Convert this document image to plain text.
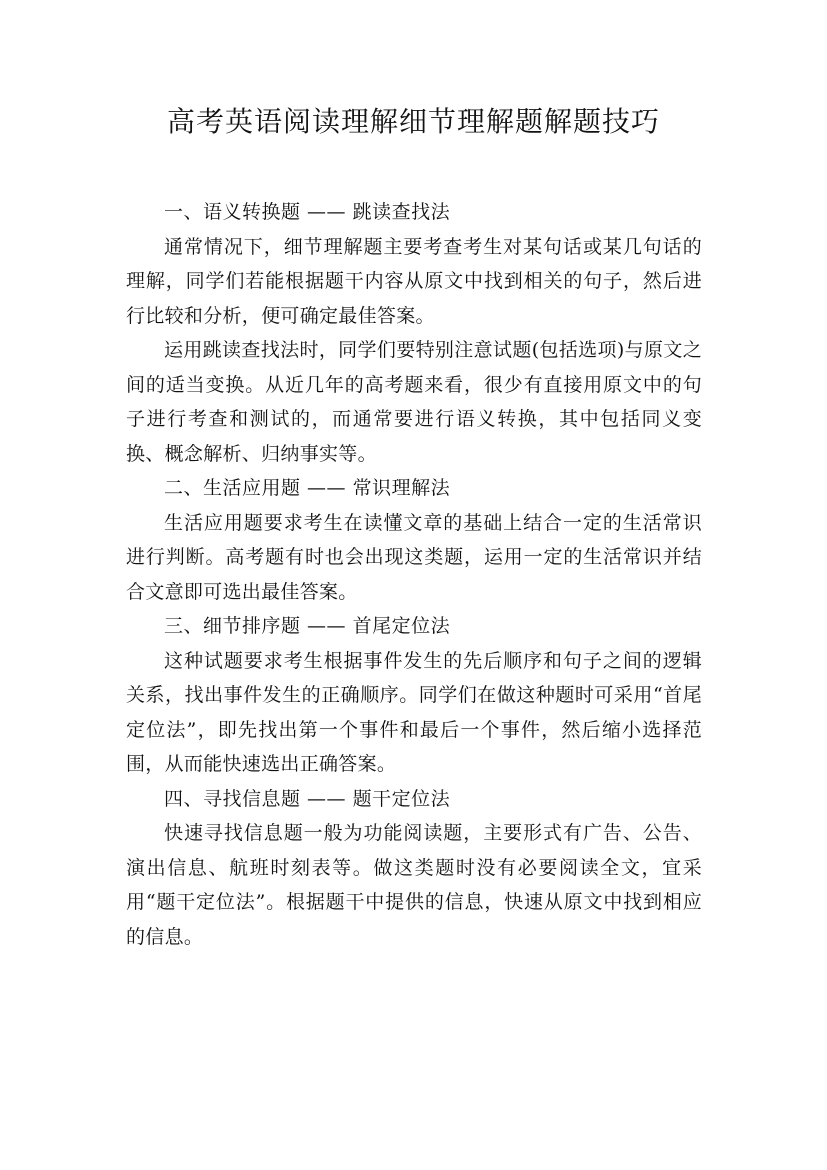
高考英语阅读理解细节理解题解题技巧

一、语义转换题 —— 跳读查找法

通常情况下，细节理解题主要考查考生对某句话或某几句话的理解，同学们若能根据题干内容从原文中找到相关的句子，然后进行比较和分析，便可确定最佳答案。

运用跳读查找法时，同学们要特别注意试题(包括选项)与原文之间的适当变换。从近几年的高考题来看，很少有直接用原文中的句子进行考查和测试的，而通常要进行语义转换，其中包括同义变换、概念解析、归纳事实等。

二、生活应用题 —— 常识理解法

生活应用题要求考生在读懂文章的基础上结合一定的生活常识进行判断。高考题有时也会出现这类题，运用一定的生活常识并结合文意即可选出最佳答案。

三、细节排序题 —— 首尾定位法

这种试题要求考生根据事件发生的先后顺序和句子之间的逻辑关系，找出事件发生的正确顺序。同学们在做这种题时可采用“首尾定位法”，即先找出第一个事件和最后一个事件，然后缩小选择范围，从而能快速选出正确答案。

四、寻找信息题 —— 题干定位法

快速寻找信息题一般为功能阅读题，主要形式有广告、公告、演出信息、航班时刻表等。做这类题时没有必要阅读全文，宜采用“题干定位法”。根据题干中提供的信息，快速从原文中找到相应的信息。
